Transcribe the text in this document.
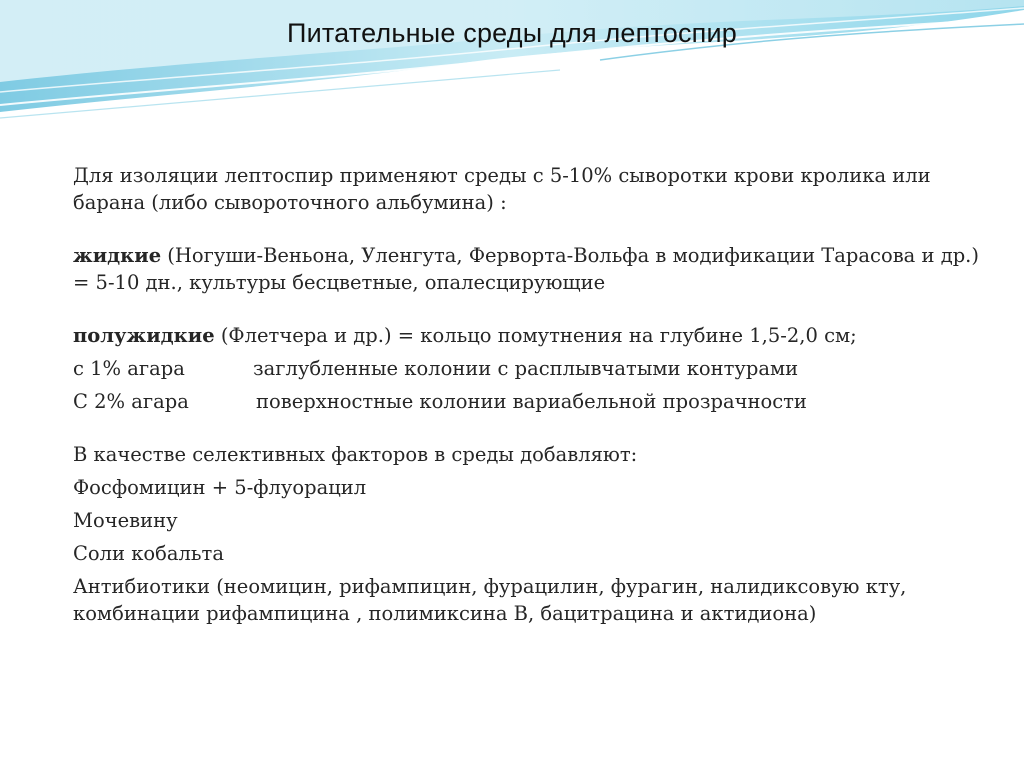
Питательные среды для лептоспир

Для изоляции лептоспир применяют среды с 5-10% сыворотки крови кролика или барана (либо сывороточного альбумина) :

жидкие (Ногуши-Веньона, Уленгута, Ферворта-Вольфа в модификации Тарасова и др.) = 5-10 дн., культуры бесцветные, опалесцирующие

полужидкие (Флетчера и др.) = кольцо помутнения на глубине 1,5-2,0 см;

с 1% агара	заглубленные колонии с расплывчатыми контурами

С 2% агара	поверхностные колонии вариабельной прозрачности

В качестве селективных факторов в среды добавляют:

Фосфомицин + 5-флуорацил

Мочевину

Соли кобальта

Антибиотики (неомицин, рифампицин, фурацилин, фурагин, налидиксовую кту, комбинации рифампицина , полимиксина В, бацитрацина и актидиона)
